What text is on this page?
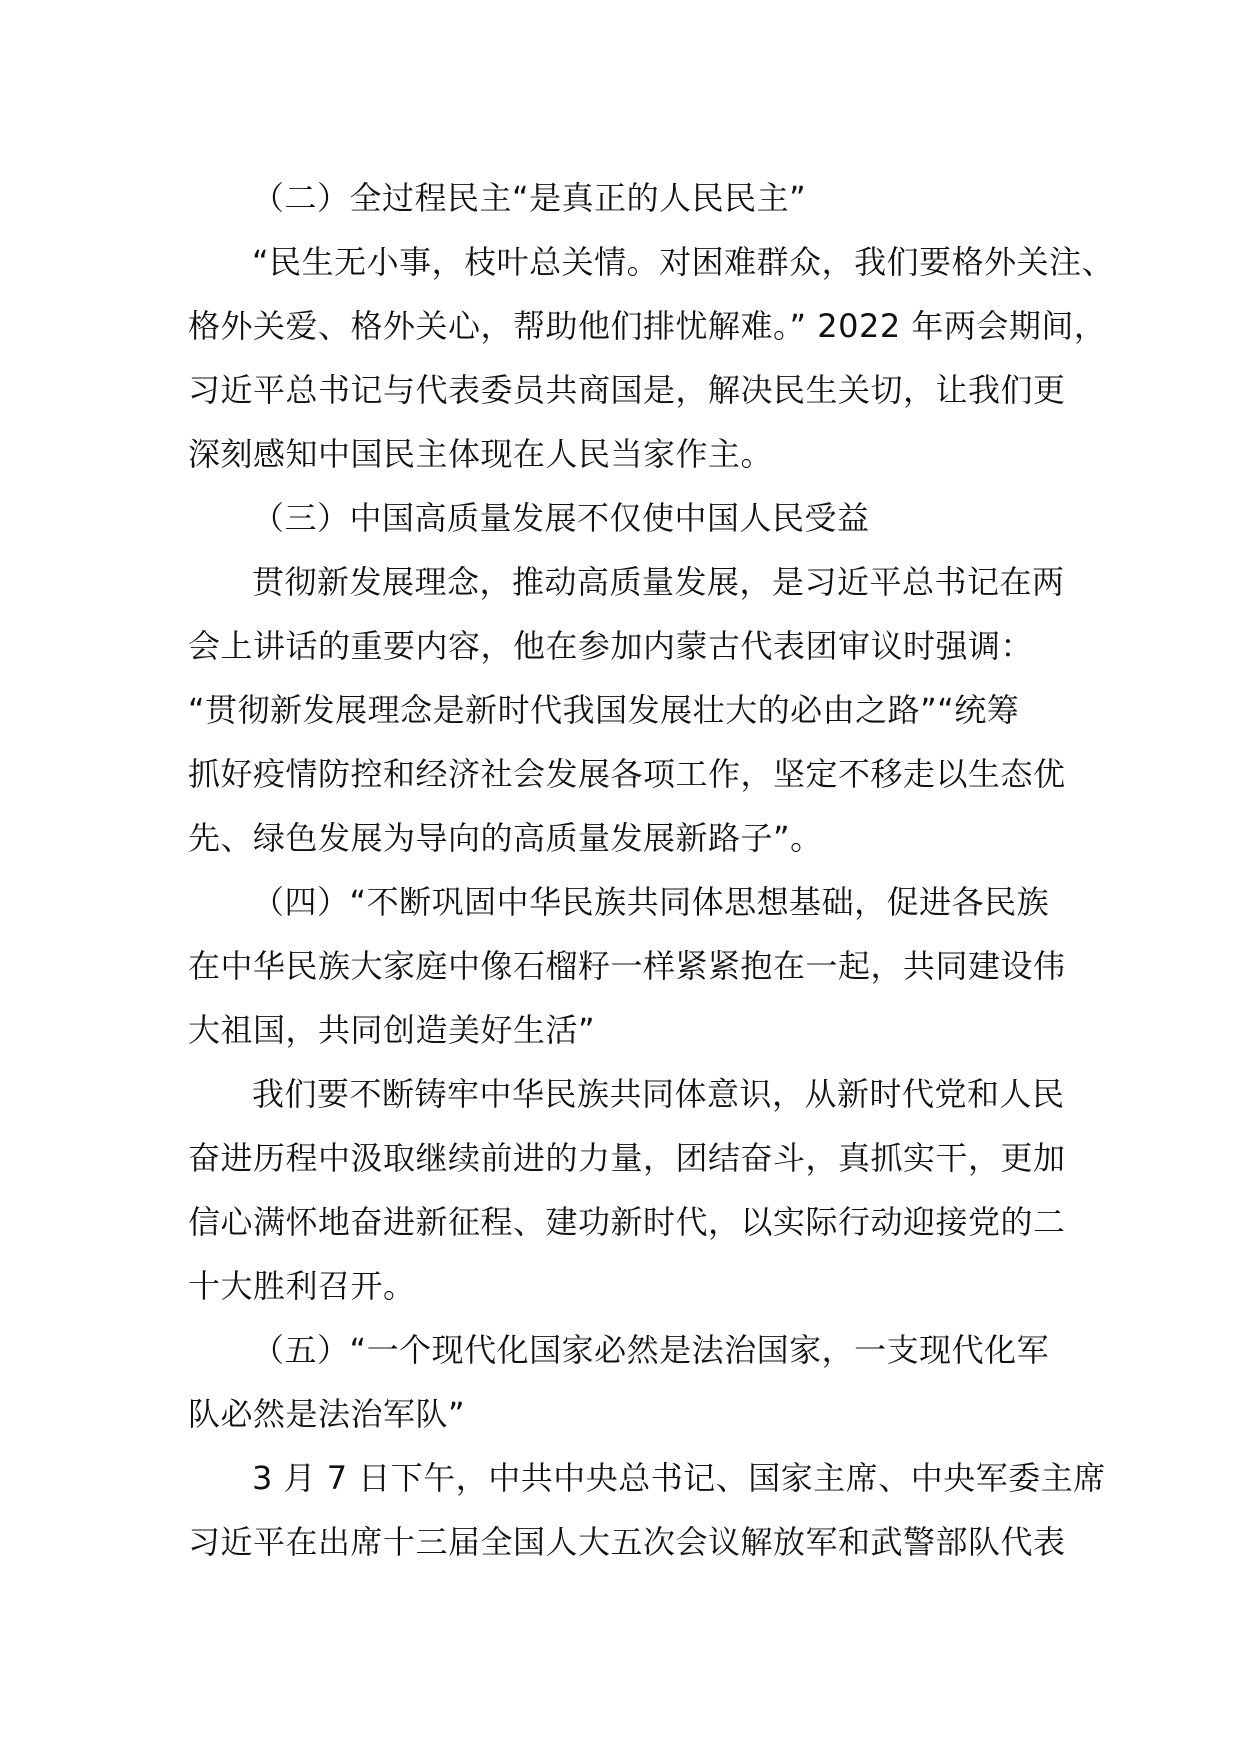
（二）全过程民主“是真正的人民民主”
“民生无小事，枝叶总关情。对困难群众，我们要格外关注、
格外关爱、格外关心，帮助他们排忧解难。” 2022 年两会期间，
习近平总书记与代表委员共商国是，解决民生关切，让我们更
深刻感知中国民主体现在人民当家作主。
（三）中国高质量发展不仅使中国人民受益
贯彻新发展理念，推动高质量发展，是习近平总书记在两
会上讲话的重要内容，他在参加内蒙古代表团审议时强调：
“贯彻新发展理念是新时代我国发展壮大的必由之路”“统筹
抓好疫情防控和经济社会发展各项工作，坚定不移走以生态优
先、绿色发展为导向的高质量发展新路子”。
（四）“不断巩固中华民族共同体思想基础，促进各民族
在中华民族大家庭中像石榴籽一样紧紧抱在一起，共同建设伟
大祖国，共同创造美好生活”
我们要不断铸牢中华民族共同体意识，从新时代党和人民
奋进历程中汲取继续前进的力量，团结奋斗，真抓实干，更加
信心满怀地奋进新征程、建功新时代，以实际行动迎接党的二
十大胜利召开。
（五）“一个现代化国家必然是法治国家，一支现代化军
队必然是法治军队”
3 月 7 日下午，中共中央总书记、国家主席、中央军委主席
习近平在出席十三届全国人大五次会议解放军和武警部队代表
